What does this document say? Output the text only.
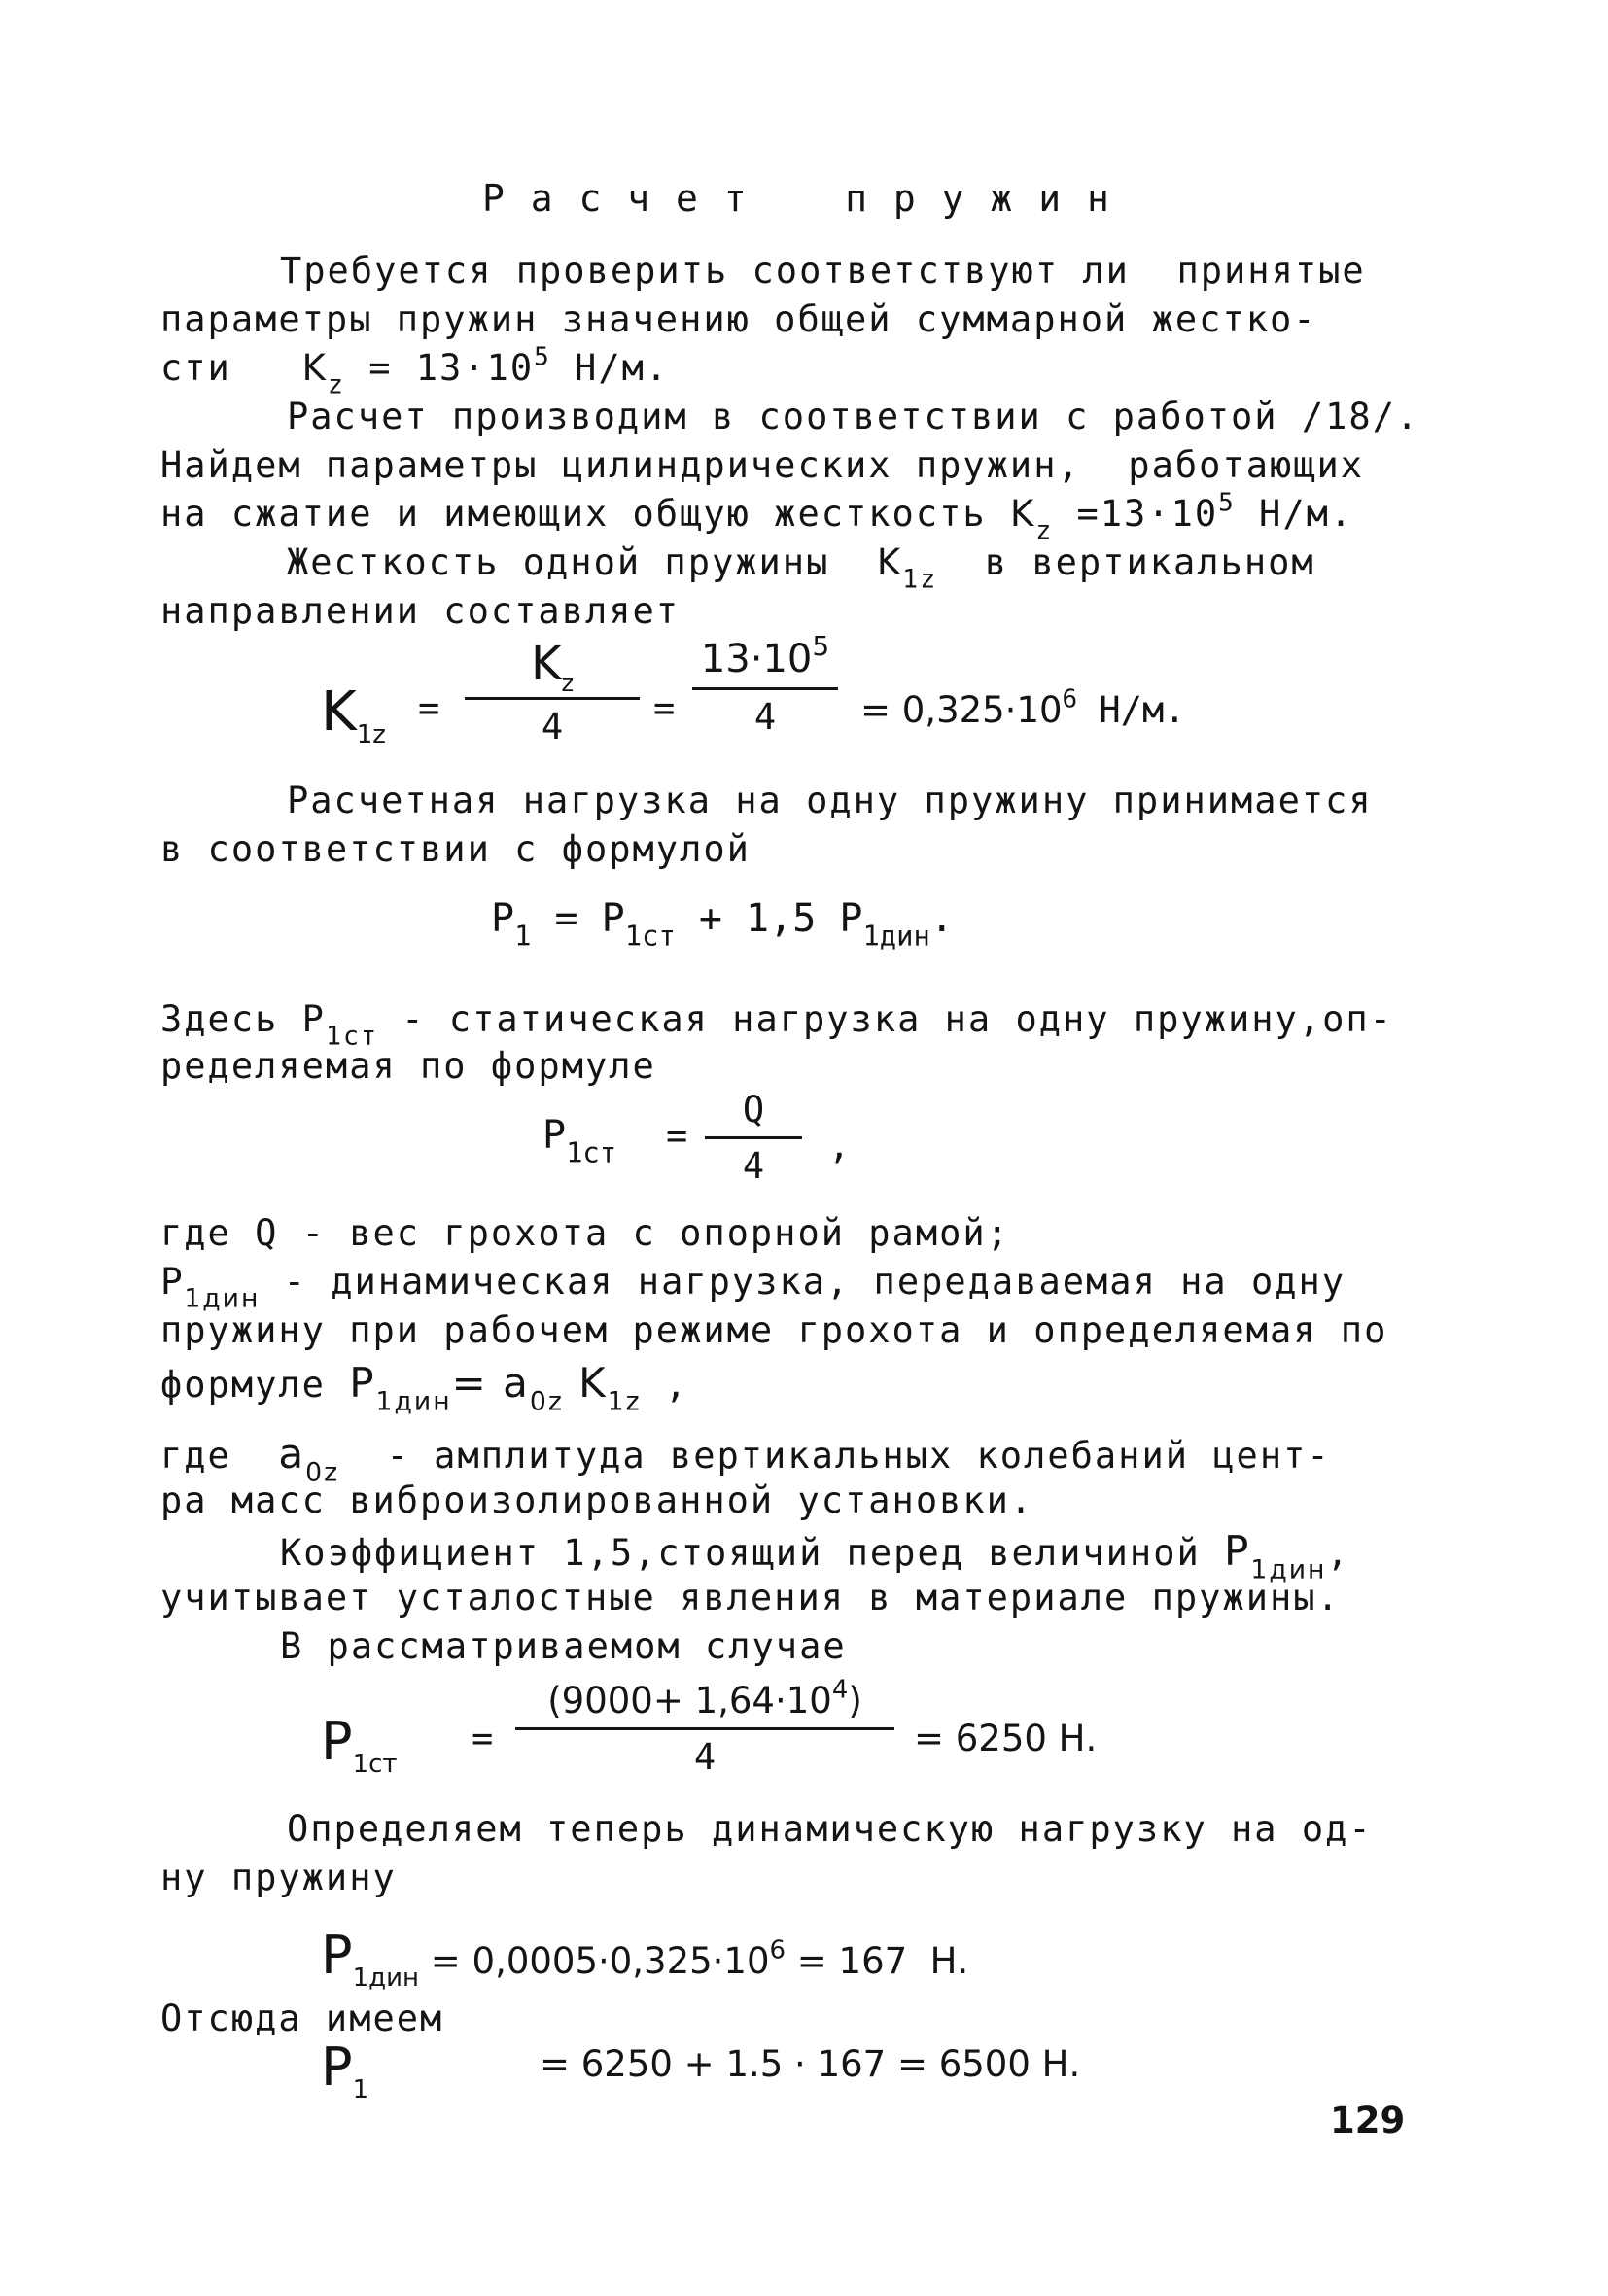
Р а с ч е т    п р у ж и н
Требуется проверить соответствуют ли  принятые
параметры пружин значению общей суммарной жестко-
сти   $K_z = 13\cdot 10^5$ Н/м.
Расчет производим в соответствии с работой /18/.
Найдем параметры цилиндрических пружин,  работающих
на сжатие и имеющих общую жесткость $K_z =13\cdot 10^5$ Н/м.
Жесткость одной пружины  $K_{1z}$  в вертикальном
направлении составляет
$K_{1z}$
=
$K_z$
4	=
$13\cdot 10^5$
4	= $0,325\cdot 10^6$ Н/м.
Расчетная нагрузка на одну пружину принимается
в соответствии с формулой
$P_1 = P_{1ст} + 1,5$ $P_{1дин}$.
Здесь $P_{1ст}$ - статическая нагрузка на одну пружину,оп-
ределяемая по формуле
$P_{1ст}$ =
Q
4	,
где Q - вес грохота с опорной рамой;
$P_{1дин}$ - динамическая нагрузка, передаваемая на одну
пружину при рабочем режиме грохота и определяемая по
формуле $P_{1дин}= a_{0z}$ $K_{1z}$ ,
где  $a_{0z}$  - амплитуда вертикальных колебаний цент-
ра масс виброизолированной установки.
Коэффициент 1,5,стоящий перед величиной $P_{1дин}$,
учитывает усталостные явления в материале пружины.
В рассматриваемом случае
$P_{1ст}$
=
$(9000+ 1,64\cdot 10^4)$
4	= 6250 Н.
Определяем теперь динамическую нагрузку на од-
ну пружину
$P_{1дин} = 0,0005\cdot 0,325\cdot 10^6 = 167$  Н.
Отсюда имеем
$P_1$
= 6250 + 1.5 · 167 = 6500 Н.
129
